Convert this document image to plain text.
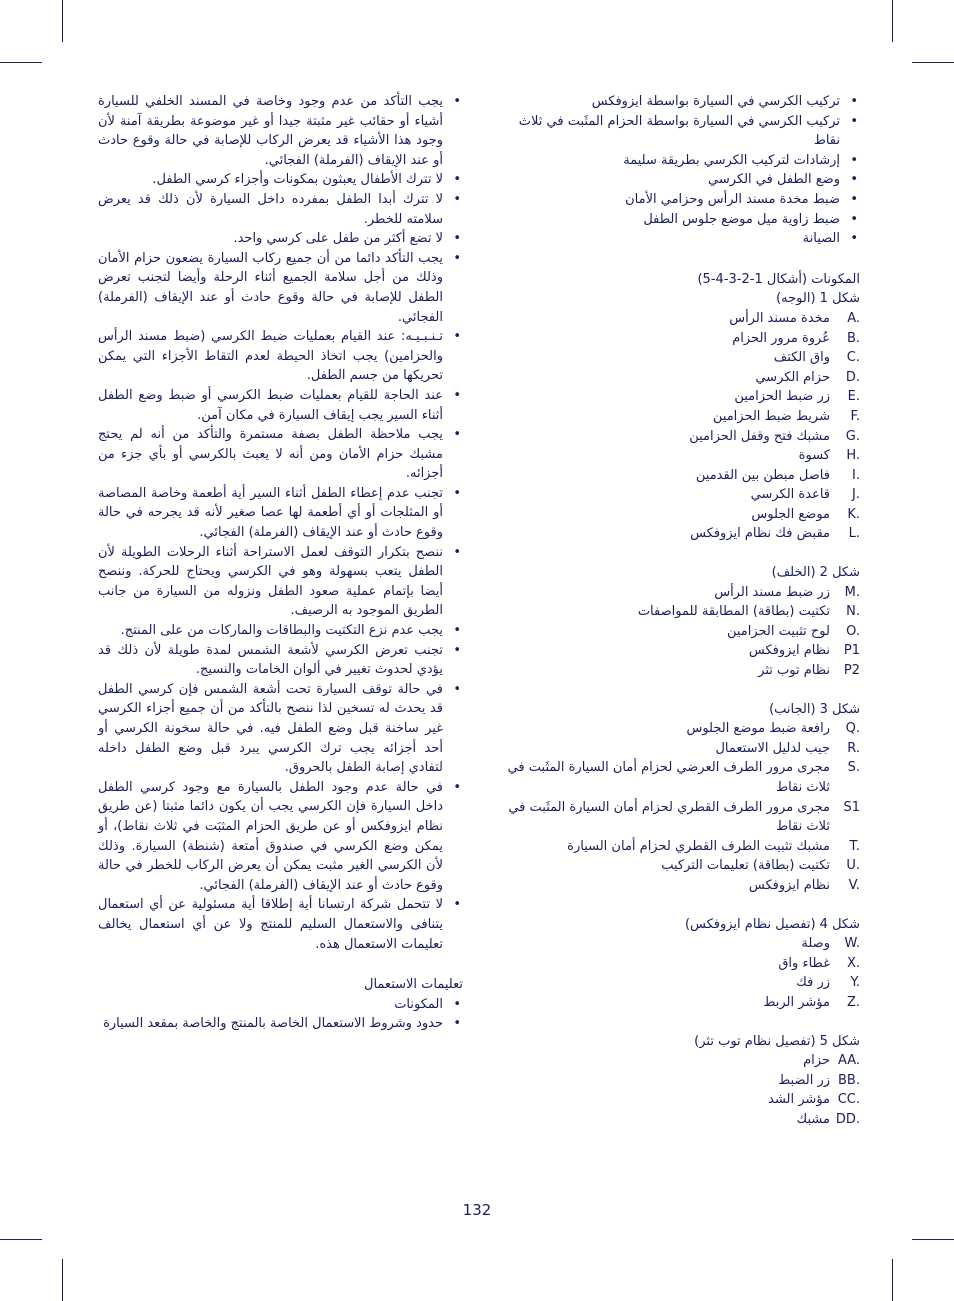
• يجب التأكد من عدم وجود وخاصة في المسند الخلفي للسيارة أشياء أو حقائب غير مثبتة جيدا أو غير موضوعة بطريقة آمنة لأن وجود هذا الأشياء قد يعرض الركاب للإصابة في حالة وقوع حادث أو عند الإيقاف (الفرملة) الفجائي.
• لا تترك الأطفال يعبثون بمكونات وأجزاء كرسي الطفل.
• لا تترك أبدا الطفل بمفرده داخل السيارة لأن ذلك قد يعرض سلامته للخطر.
• لا تضع أكثر من طفل على كرسي واحد.
• يجب التأكد دائما من أن جميع ركاب السيارة يضعون حزام الأمان وذلك من أجل سلامة الجميع أثناء الرحلة وأيضا لتجنب تعرض الطفل للإصابة في حالة وقوع حادث أو عند الإيقاف (الفرملة) الفجائي.
• تـنـبـيـه: عند القيام بعمليات ضبط الكرسي (ضبط مسند الرأس والحزامين) يجب اتخاذ الحيطة لعدم التقاط الأجزاء التي يمكن تحريكها من جسم الطفل.
• عند الحاجة للقيام بعمليات ضبط الكرسي أو ضبط وضع الطفل أثناء السير يجب إيقاف السيارة في مكان آمن.
• يجب ملاحظة الطفل بصفة مستمرة والتأكد من أنه لم يحتج مشبك حزام الأمان ومن أنه لا يعبث بالكرسي أو بأي جزء من أجزائه.
• تجنب عدم إعطاء الطفل أثناء السير أية أطعمة وخاصة المصاصة أو المثلجات أو أي أطعمة لها عصا صغير لأنه قد يجرحه في حالة وقوع حادث أو عند الإيقاف (الفرملة) الفجائي.
• ننصح بتكرار التوقف لعمل الاستراحة أثناء الرحلات الطويلة لأن الطفل يتعب بسهولة وهو في الكرسي ويحتاج للحركة. وننصح أيضا بإتمام عملية صعود الطفل ونزوله من السيارة من جانب الطريق الموجود به الرصيف.
• يجب عدم نزع التكتيت والبطاقات والماركات من على المنتج.
• تجنب تعرض الكرسي لأشعة الشمس لمدة طويلة لأن ذلك قد يؤدي لحدوث تغيير في ألوان الخامات والنسيج.
• في حالة توقف السيارة تحت أشعة الشمس فإن كرسي الطفل قد يحدث له تسخين لذا ننصح بالتأكد من أن جميع أجزاء الكرسي غير ساخنة قبل وضع الطفل فيه. في حالة سخونة الكرسي أو أحد أجزائه يجب ترك الكرسي يبرد قبل وضع الطفل داخله لتفادي إصابة الطفل بالحروق.
• في حالة عدم وجود الطفل بالسيارة مع وجود كرسي الطفل داخل السيارة فإن الكرسي يجب أن يكون دائما مثبتا (عن طريق نظام ايزوفكس أو عن طريق الحزام المثبَت في ثلاث نقاط)، أو يمكن وضع الكرسي في صندوق أمتعة (شنطة) السيارة. وذلك لأن الكرسي الغير مثبت يمكن أن يعرض الركاب للخطر في حالة وقوع حادث أو عند الإيقاف (الفرملة) الفجائي.
• لا تتحمل شركة ارتسانا أية إطلاقا أية مسئولية عن أي استعمال يتنافى والاستعمال السليم للمنتج ولا عن أي استعمال يخالف تعليمات الاستعمال هذه.
تعليمات الاستعمال
• المكونات
• حدود وشروط الاستعمال الخاصة بالمنتج والخاصة بمقعد السيارة
• تركيب الكرسي في السيارة بواسطة ايزوفكس
• تركيب الكرسي في السيارة بواسطة الحزام المثَبت في ثلاث نقاط
• إرشادات لتركيب الكرسي بطريقة سليمة
• وضع الطفل في الكرسي
• ضبط مخدة مسند الرأس وحزامي الأمان
• ضبط زاوية ميل موضع جلوس الطفل
• الصيانة
المكونات (أشكال 1-2-3-4-5)
شكل 1 (الوجه)
A.
مخدة مسند الرأس
B.
عُروة مرور الحزام
C.
واق الكتف
D.
حزام الكرسي
E.
زر ضبط الحزامين
F.
شريط ضبط الحزامين
G.
مشبك فتح وقفل الحزامين
H.
كسوة
I.
فاصل مبطن بين القدمين
J.
قاعدة الكرسي
K.
موضع الجلوس
L.
مقبض فك نظام ايزوفكس
شكل 2 (الخلف)
M.
زر ضبط مسند الرأس
N.
تكتيت (بطاقة) المطابقة للمواصفات
O.
لوح تثبيت الحزامين
P1
نظام ايزوفكس
P2
نظام توب تثر
شكل 3 (الجانب)
Q.
رافعة ضبط موضع الجلوس
R.
جيب لدليل الاستعمال
S.
مجرى مرور الطرف العرضي لحزام أمان السيارة المثَبت في ثلاث نقاط
S1
مجرى مرور الطرف القطري لحزام أمان السيارة المثَبت في ثلاث نقاط
T.
مشبك تثبيت الطرف القطري لحزام أمان السيارة
U.
تكتيت (بطاقة) تعليمات التركيب
V.
نظام ايزوفكس
شكل 4 (تفصيل نظام ايزوفكس)
W.
وصلة
X.
غطاء واق
Y.
زر فك
Z.
مؤشر الربط
شكل 5 (تفصيل نظام توب تثر)
AA.
حزام
BB.
زر الضبط
CC.
مؤشر الشد
DD.
مشبك
132
